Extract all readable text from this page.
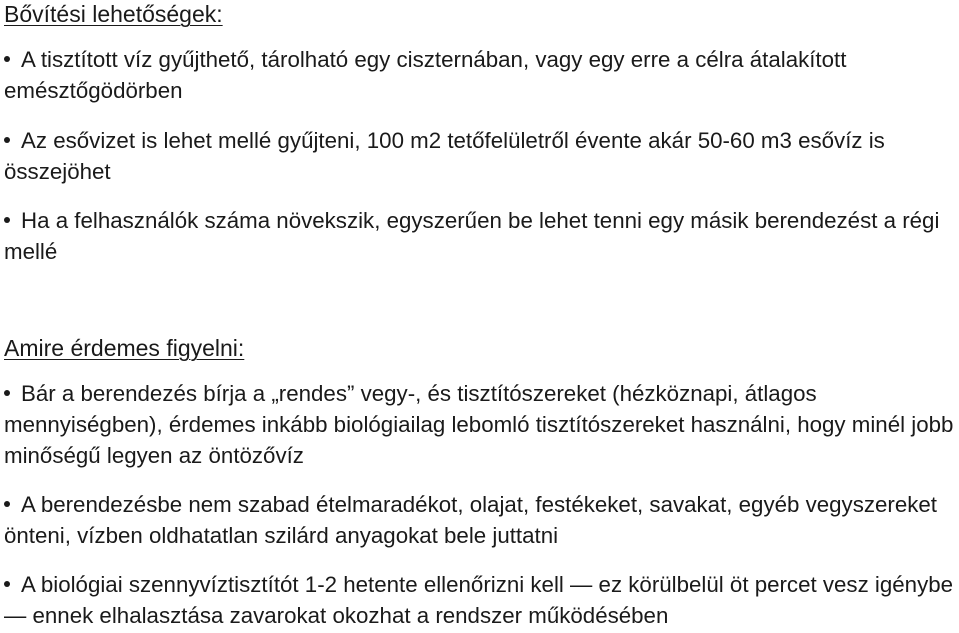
Bővítési lehetőségek:
A tisztított víz gyűjthető, tárolható egy ciszternában, vagy egy erre a célra átalakított emésztőgödörben
Az esővizet is lehet mellé gyűjteni, 100 m2 tetőfelületről évente akár 50-60 m3 esővíz is összejöhet
Ha a felhasználók száma növekszik, egyszerűen be lehet tenni egy másik berendezést a régi mellé
Amire érdemes figyelni:
Bár a berendezés bírja a „rendes” vegy-, és tisztítószereket (hézköznapi, átlagos mennyiségben), érdemes inkább biológiailag lebomló tisztítószereket használni, hogy minél jobb minőségű legyen az öntözővíz
A berendezésbe nem szabad ételmaradékot, olajat, festékeket, savakat, egyéb vegyszereket önteni, vízben oldhatatlan szilárd anyagokat bele juttatni
A biológiai szennyvíztisztítót 1-2 hetente ellenőrizni kell — ez körülbelül öt percet vesz igénybe — ennek elhalasztása zavarokat okozhat a rendszer működésében
